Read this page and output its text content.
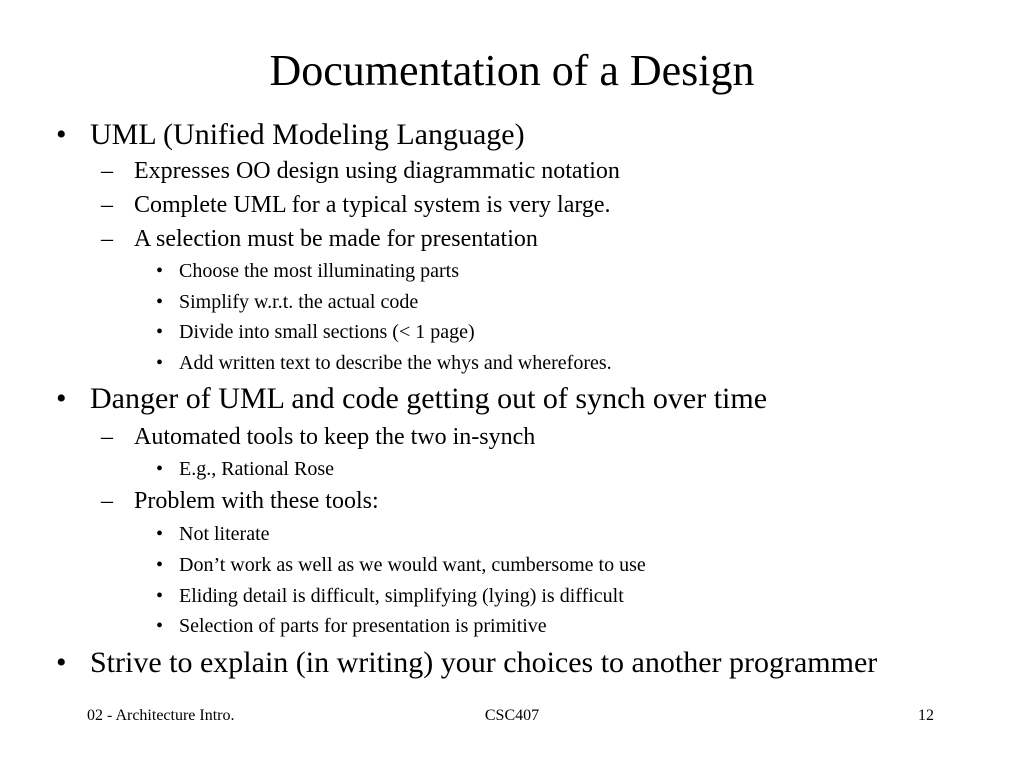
Documentation of a Design
• UML (Unified Modeling Language)
– Expresses OO design using diagrammatic notation
– Complete UML for a typical system is very large.
– A selection must be made for presentation
• Choose the most illuminating parts
• Simplify w.r.t. the actual code
• Divide into small sections (< 1 page)
• Add written text to describe the whys and wherefores.
• Danger of UML and code getting out of synch over time
– Automated tools to keep the two in-synch
• E.g., Rational Rose
– Problem with these tools:
• Not literate
• Don’t work as well as we would want, cumbersome to use
• Eliding detail is difficult, simplifying (lying) is difficult
• Selection of parts for presentation is primitive
• Strive to explain (in writing) your choices to another programmer
02 - Architecture Intro.	CSC407	12
